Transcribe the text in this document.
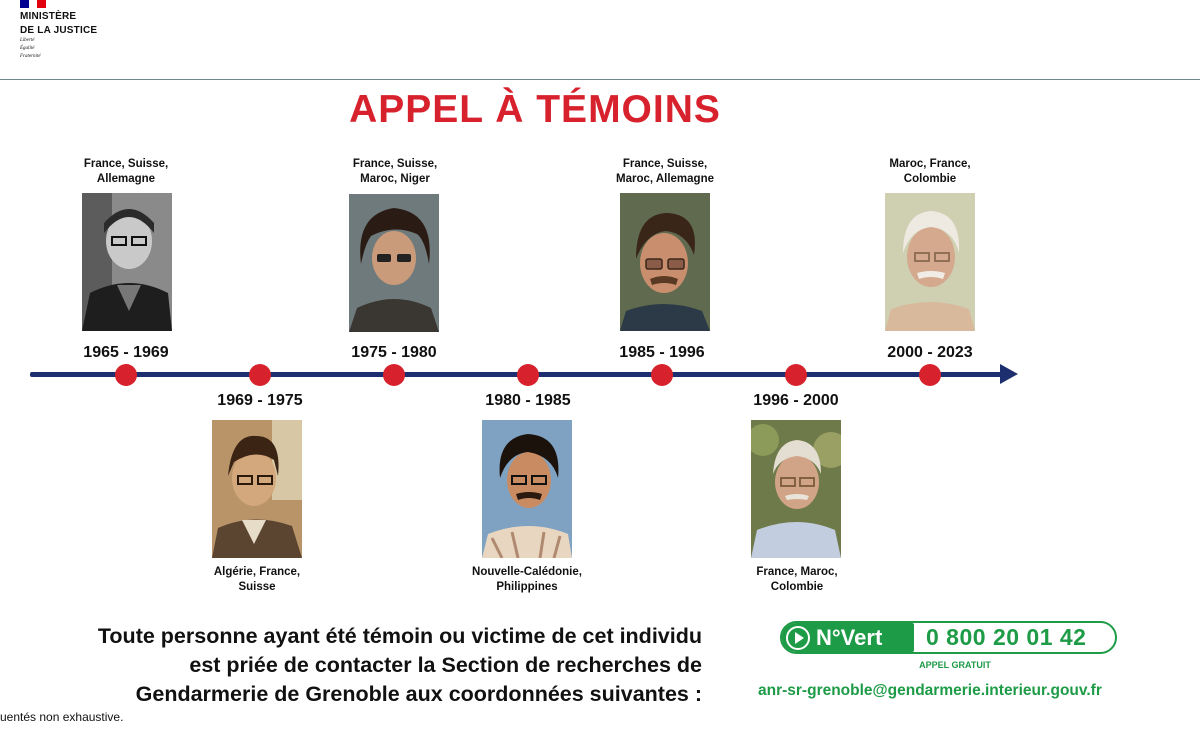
MINISTÈRE
DE LA JUSTICE
Liberté
Égalité
Fraternité
APPEL À TÉMOINS
France, Suisse,
Allemagne
1965 - 1969
1969 - 1975
Algérie, France,
Suisse
France, Suisse,
Maroc, Niger
1975 - 1980
1980 - 1985
Nouvelle-Calédonie,
Philippines
France, Suisse,
Maroc, Allemagne
1985 - 1996
1996 - 2000
France, Maroc,
Colombie
Maroc, France,
Colombie
2000 - 2023
Toute personne ayant été témoin ou victime de cet individu
est priée de contacter la Section de recherches de
Gendarmerie de Grenoble aux coordonnées suivantes :
uentés non exhaustive.
N°Vert 0 800 20 01 42
APPEL GRATUIT
anr-sr-grenoble@gendarmerie.interieur.gouv.fr
